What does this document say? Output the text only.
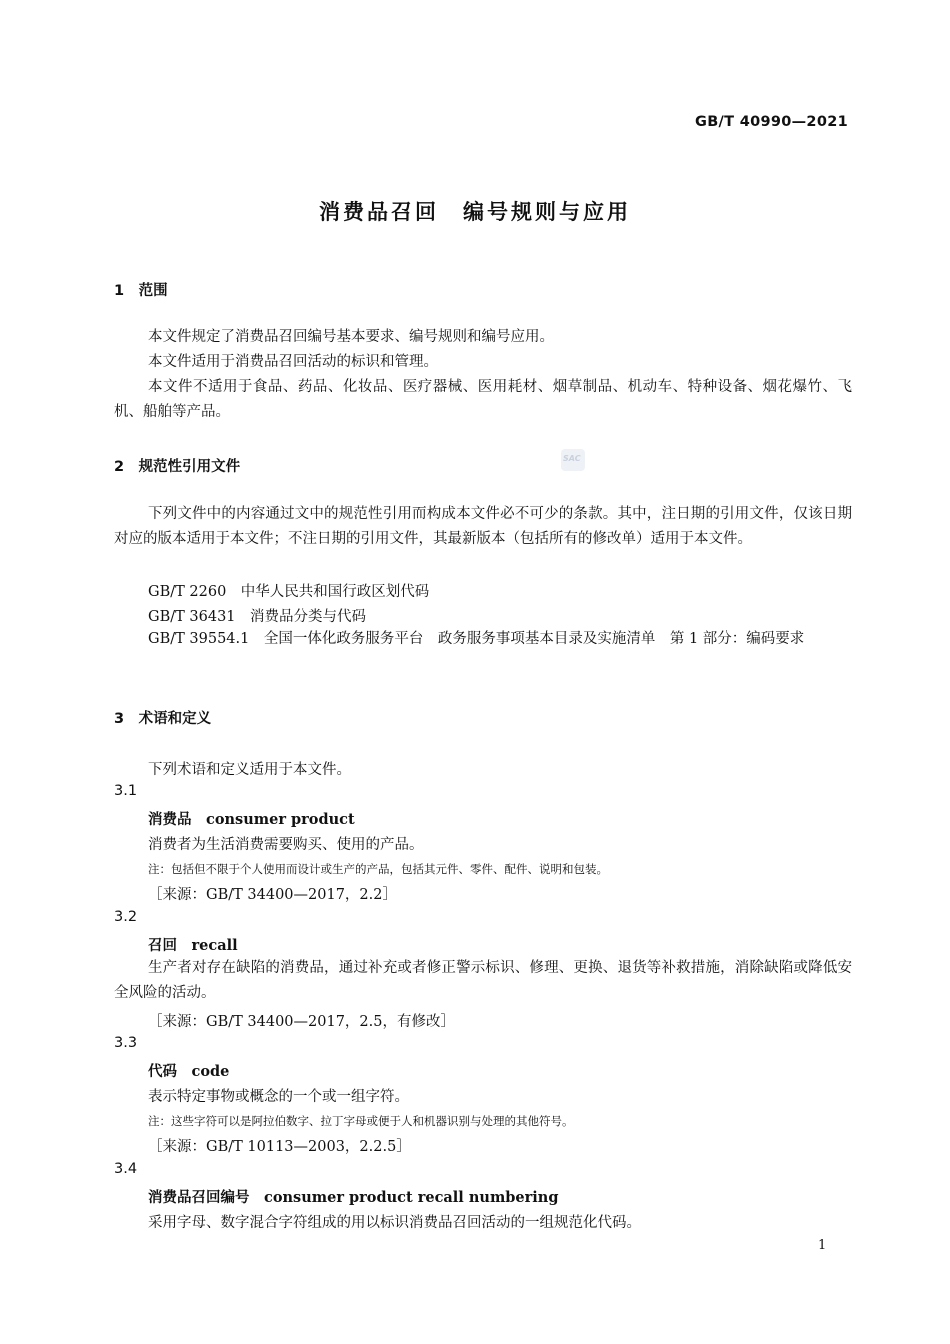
GB/T 40990—2021
消费品召回　编号规则与应用
1　范围
本文件规定了消费品召回编号基本要求、编号规则和编号应用。
本文件适用于消费品召回活动的标识和管理。
本文件不适用于食品、药品、化妆品、医疗器械、医用耗材、烟草制品、机动车、特种设备、烟花爆竹、飞机、船舶等产品。
SAC
2　规范性引用文件
下列文件中的内容通过文中的规范性引用而构成本文件必不可少的条款。其中，注日期的引用文件，仅该日期对应的版本适用于本文件；不注日期的引用文件，其最新版本（包括所有的修改单）适用于本文件。
GB/T 2260　中华人民共和国行政区划代码
GB/T 36431　消费品分类与代码
GB/T 39554.1　全国一体化政务服务平台　政务服务事项基本目录及实施清单　第 1 部分：编码要求
3　术语和定义
下列术语和定义适用于本文件。
3.1
消费品　consumer product
消费者为生活消费需要购买、使用的产品。
注：包括但不限于个人使用而设计或生产的产品，包括其元件、零件、配件、说明和包装。
［来源：GB/T 34400—2017，2.2］
3.2
召回　recall
生产者对存在缺陷的消费品，通过补充或者修正警示标识、修理、更换、退货等补救措施，消除缺陷或降低安全风险的活动。
［来源：GB/T 34400—2017，2.5，有修改］
3.3
代码　code
表示特定事物或概念的一个或一组字符。
注：这些字符可以是阿拉伯数字、拉丁字母或便于人和机器识别与处理的其他符号。
［来源：GB/T 10113—2003，2.2.5］
3.4
消费品召回编号　consumer product recall numbering
采用字母、数字混合字符组成的用以标识消费品召回活动的一组规范化代码。
1
